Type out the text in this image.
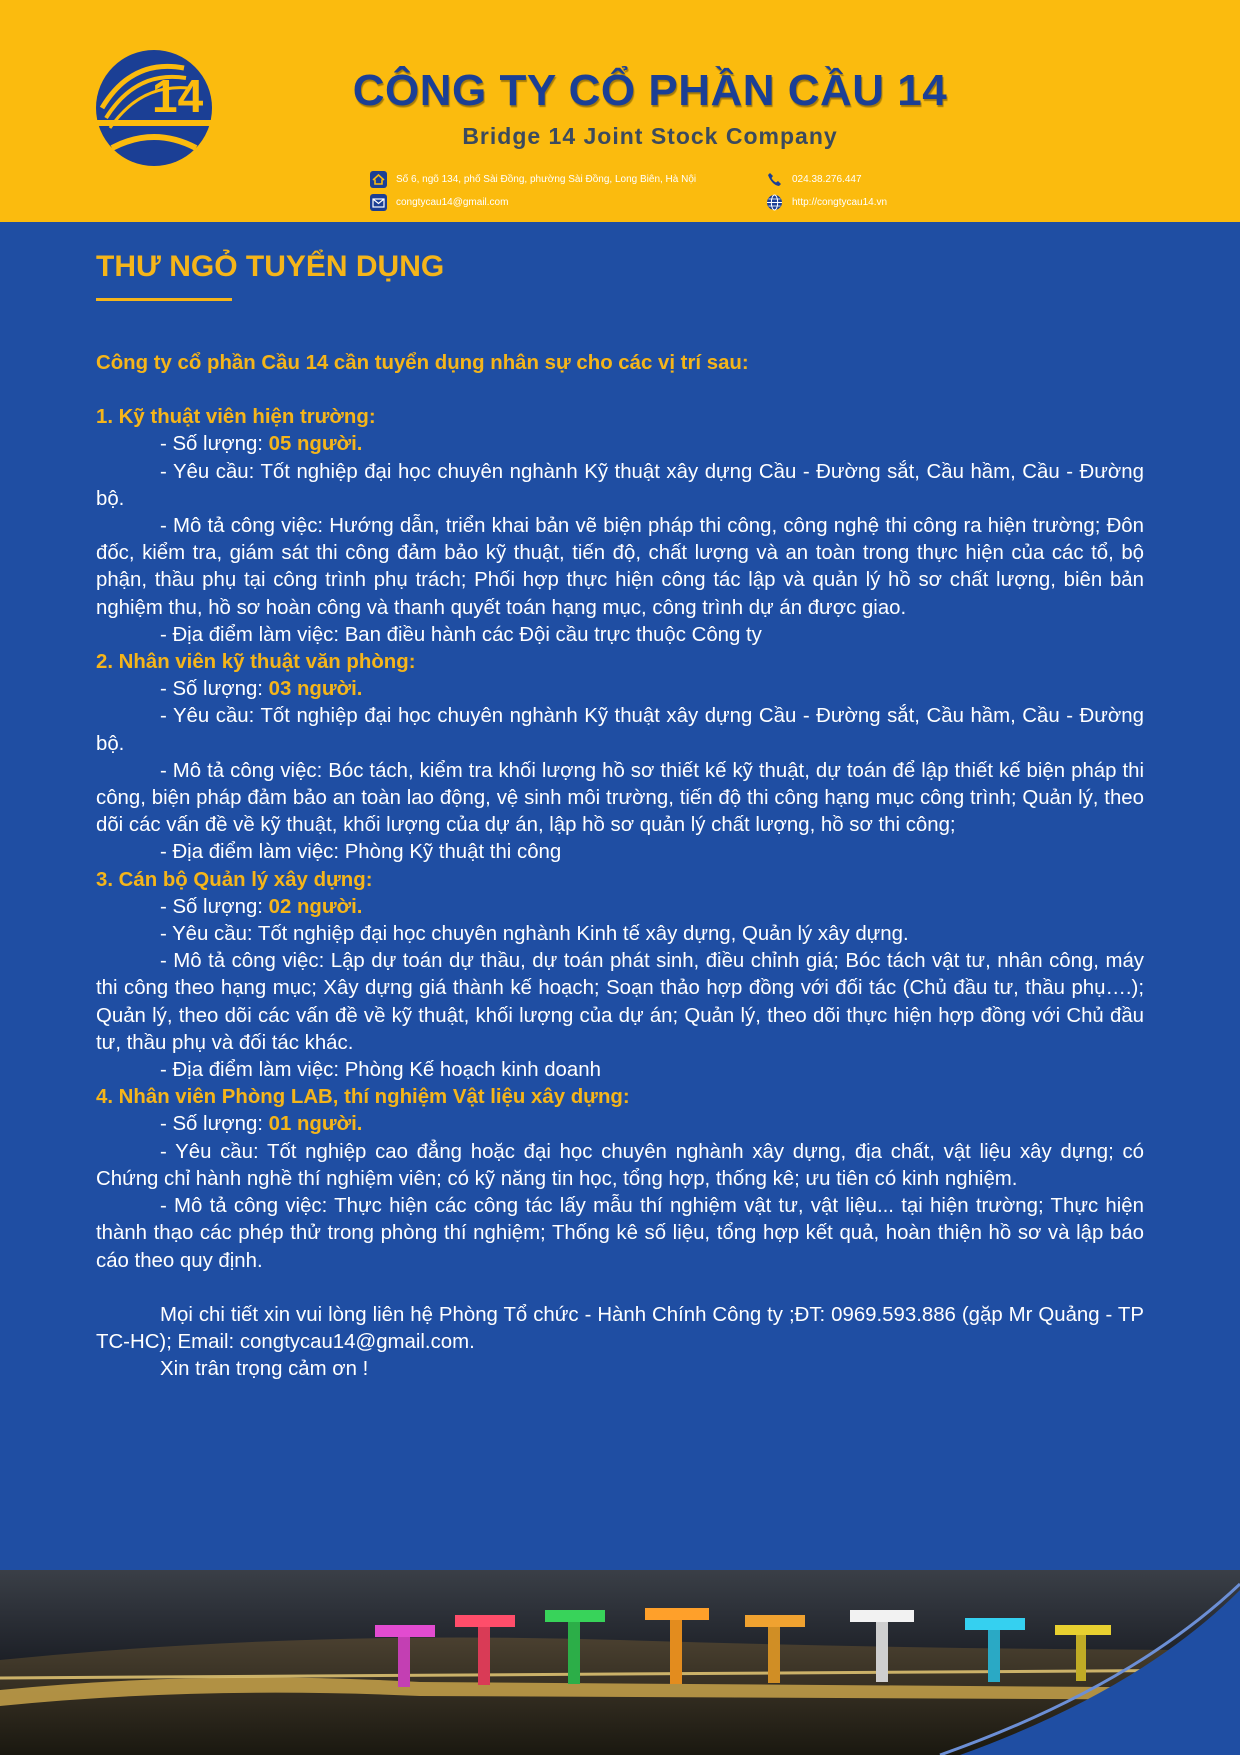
14	CÔNG TY CỔ PHẦN CẦU 14
Bridge 14 Joint Stock Company
Số 6, ngõ 134, phố Sài Đồng, phường Sài Đồng, Long Biên, Hà Nội
congtycau14@gmail.com
024.38.276.447
http://congtycau14.vn
THƯ NGỎ TUYỂN DỤNG

Công ty cổ phần Cầu 14 cần tuyển dụng nhân sự cho các vị trí sau:

1. Kỹ thuật viên hiện trường:

- Số lượng: 05 người.

- Yêu cầu: Tốt nghiệp đại học chuyên nghành Kỹ thuật xây dựng Cầu - Đường sắt, Cầu hầm, Cầu - Đường bộ.

- Mô tả công việc: Hướng dẫn, triển khai bản vẽ biện pháp thi công, công nghệ thi công ra hiện trường; Đôn đốc, kiểm tra, giám sát thi công đảm bảo kỹ thuật, tiến độ, chất lượng và an toàn trong thực hiện của các tổ, bộ phận, thầu phụ tại công trình phụ trách; Phối hợp thực hiện công tác lập và quản lý hồ sơ chất lượng, biên bản nghiệm thu, hồ sơ hoàn công và thanh quyết toán hạng mục, công trình dự án được giao.

- Địa điểm làm việc: Ban điều hành các Đội cầu trực thuộc Công ty

2. Nhân viên kỹ thuật văn phòng:

- Số lượng: 03 người.

- Yêu cầu: Tốt nghiệp đại học chuyên nghành Kỹ thuật xây dựng Cầu - Đường sắt, Cầu hầm, Cầu - Đường bộ.

- Mô tả công việc: Bóc tách, kiểm tra khối lượng hồ sơ thiết kế kỹ thuật, dự toán để lập thiết kế biện pháp thi công, biện pháp đảm bảo an toàn lao động, vệ sinh môi trường, tiến độ thi công hạng mục công trình; Quản lý, theo dõi các vấn đề về kỹ thuật, khối lượng của dự án, lập hồ sơ quản lý chất lượng, hồ sơ thi công;

- Địa điểm làm việc: Phòng Kỹ thuật thi công

3. Cán bộ Quản lý xây dựng:

- Số lượng: 02 người.

- Yêu cầu: Tốt nghiệp đại học chuyên nghành Kinh tế xây dựng, Quản lý xây dựng.

- Mô tả công việc: Lập dự toán dự thầu, dự toán phát sinh, điều chỉnh giá; Bóc tách vật tư, nhân công, máy thi công theo hạng mục; Xây dựng giá thành kế hoạch; Soạn thảo hợp đồng với đối tác (Chủ đầu tư, thầu phụ….); Quản lý, theo dõi các vấn đề về kỹ thuật, khối lượng của dự án; Quản lý, theo dõi thực hiện hợp đồng với Chủ đầu tư, thầu phụ và đối tác khác.

- Địa điểm làm việc: Phòng Kế hoạch kinh doanh

4. Nhân viên Phòng LAB, thí nghiệm Vật liệu xây dựng:

- Số lượng: 01 người.

- Yêu cầu: Tốt nghiệp cao đẳng hoặc đại học chuyên nghành xây dựng, địa chất, vật liệu xây dựng; có Chứng chỉ hành nghề thí nghiệm viên; có kỹ năng tin học, tổng hợp, thống kê; ưu tiên có kinh nghiệm.

- Mô tả công việc: Thực hiện các công tác lấy mẫu thí nghiệm vật tư, vật liệu... tại hiện trường; Thực hiện thành thạo các phép thử trong phòng thí nghiệm; Thống kê số liệu, tổng hợp kết quả, hoàn thiện hồ sơ và lập báo cáo theo quy định.

Mọi chi tiết xin vui lòng liên hệ Phòng Tổ chức - Hành Chính Công ty ;ĐT: 0969.593.886 (gặp Mr Quảng - TP TC-HC); Email: congtycau14@gmail.com.

Xin trân trọng cảm ơn !
